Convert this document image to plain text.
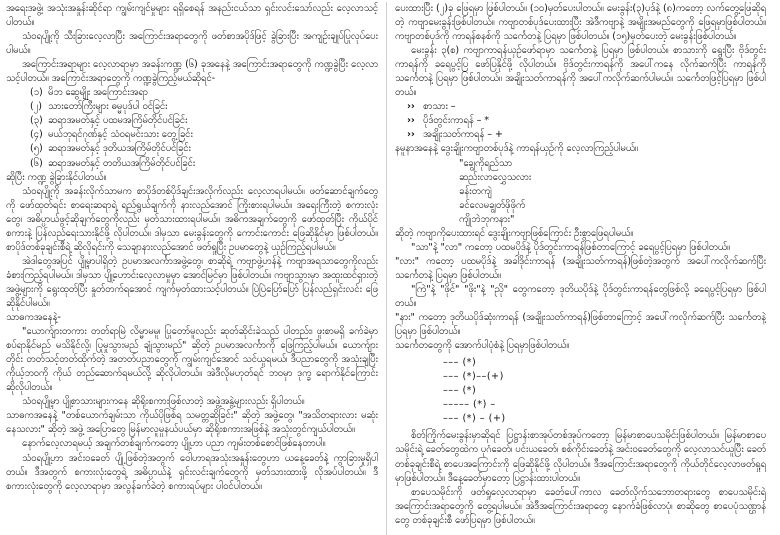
အရေးအဖွဲ့၊ အသုံးအနှုန်းဆိုင်ရာ ကျွမ်းကျင်မှုများ ရရှိစေရန် အနည်းငယ်သာ ရှင်းလင်းသော်လည်း လေ့လာသင့်ပါတယ်။

သံဝရပျို့ကို သီးခြားလေ့လာပြီး အကြောင်းအရာတွေကို ဖတ်စာအပိုဒ်ဖြင့် ခွဲခြားပြီး အကျဉ်းချုပ်ပြုလုပ်ပေးပါမယ်။

အကြောင်းအရာများ လေ့လာရာမှာ အခန်းကဏ္ဍ (၆) ခုအနေနဲ့ အကြောင်းအရာတွေကို ကဏ္ဍခွဲပြီး လေ့လာသင့်ပါတယ်။ အကြောင်းအရာတွေကို ကဏ္ဍခွဲကြည့်မယ်ဆိုရင်-

(၁) မိဘ ဆွေမျိုး အကြောင်းအရာ

(၂) သားတော်ကြီးများ ဓမ္မပုဒ်ပါ ဝင်ခြင်း

(၃) ဆရာအမတ်နှင့် ပထမအကြိမ်တိုင်ပင်ခြင်း

(၄) မယ်ဘုရင်ဂုဏ်နှင့် သံဝရမင်းသား တွေ့ခြင်း

(၅) ဆရာအမတ်နှင့် ဒုတိယအကြိမ်တိုင်ပင်ခြင်း

(၆) ဆရာအမတ်နှင့် တတိယအကြိမ်တိုင်ပင်ခြင်း

ဆိုပြီး ကဏ္ဍ ခွဲခြားနိုင်ပါတယ်။

သံဝရပျို့ကို အခန်းလိုက်သာမက စာပိုဒ်တစ်ပိုဒ်ချင်းအလိုက်လည်း လေ့လာရပါမယ်။ ဖတ်ဆောင်ချက်တွေကို ဖော်ထုတ်ရင်း စာရေးဆရာရဲ့ ရည်ရွယ်ချက်ကို နားလည်အောင် ကြိုးစားရပါမယ်။ အရေးကြီးတဲ့ စကားလုံးတွေ၊ အဓိပ္ပာယ်ဖွင့်ဆိုချက်တွေကိုလည်း မှတ်သားထားရပါမယ်။ အဓိကအချက်တွေကို ဖော်ထုတ်ပြီး ကိုယ်ပိုင်စကားနဲ့ ပြန်လည်ရေးသားနိုင်ဖို့ လိုပါတယ်။ ဒါမှသာ မေးခွန်းတွေကို ကောင်းကောင်း ဖြေဆိုနိုင်မှာ ဖြစ်ပါတယ်။ စာပိုဒ်တစ်ခုချင်းစီရဲ့ ဆိုလိုရင်းကို သေချာနားလည်အောင် ဖတ်ရှုပြီး ဥပမာတွေနဲ့ ယှဉ်ကြည့်ရပါမယ်။

အဲဒါတွေအပြင် ပျို့မှာပါရှိတဲ့ ဥပမာအလင်္ကာအဖွဲ့တွေ၊ စာဆိုရဲ့ ကဗျာဖွဲ့ဟန်နဲ့ ကဗျာအရသာတွေကိုလည်း ခံစားကြည့်ရပါမယ်။ ဒါမှသာ ပျို့ဟောင်းလေ့လာမှုမှာ အောင်မြင်မှာ ဖြစ်ပါတယ်။ ကဗျာသွားမှာ အထူးထင်ရှားတဲ့ အဖွဲ့များကို ရွေးထုတ်ပြီး နှုတ်တက်ရအောင် ကျက်မှတ်ထားသင့်ပါတယ်။ ပြဲပြဲပြော်ပြော် ပြန်လည်ရှင်းလင်း ဖြေဆိုနိုင်ပါမယ်။

သာဓကအနေနဲ့-

"ယောက်ျားတကား တတ်ရာမြဲ လိမ္မာမမူ၊ ပြုတော်မူလည်း ဆုတ်ဆိုင်းခဲသည် ပါတည်း၊ ဖူးစာမရှိ ခက်ခဲမှာ စပ်ရာနိုင်မည် မသိနိုင်လို့၊ ပြုမှုသွားမည် ချုံသွားမည်" ဆိုတဲ့ ဥပမာအလင်္ကာကို ဖြေကြည့်ပါမယ်။ ယောက်ျားတိုင်း တတ်သင့်တတ်ထိုက်တဲ့ အတတ်ပညာတွေကို ကျွမ်းကျင်အောင် သင်ယူရမယ်၊ ဒီပညာတွေကို အသုံးချပြီး ကိုယ့်ဘဝကို ကိုယ် တည်ဆောက်ရမယ်လို့ ဆိုလိုပါတယ်။ အဲဒီလိုမဟုတ်ရင် ဘဝမှာ ဒုက္ခ ရောက်နိုင်ကြောင်း ဆိုလိုပါတယ်။

သံဝရပျို့မှာ ပျို့စာသားများကနေ ဆိုရိုးစကားဖြစ်လာတဲ့ အဖွဲ့အနွဲ့များလည်း ရှိပါတယ်။

သာဓကအနေနဲ့ "တစ်ယောက်ချမ်းသာ ကိုယ်ပိုဖြစ်ရ သမတ္တဆိုခြင်း" ဆိုတဲ့ အဖွဲ့တွေ၊ "အသိတရားလား မဆုံးနေသလား" ဆိုတဲ့ အဖွဲ့ အပြောတွေ မြန်မာလူမှုနယ်ပယ်မှာ ဆိုရိုးစကားအဖြစ်နဲ့ အသုံးတွင်ကျယ်ပါတယ်။

နောက်လေ့လာရမယ့် အချက်တစ်ချက်ကတော့ ပျို့ဟာ ပညာ ကျမ်းတစ်စောင်ဖြစ်နေတာပါ။

သံဝရပျို့ဟာ အင်းဝခေတ် ပျို့ဖြစ်တဲ့အတွက် ဝေါဟာရအသုံးအနှုန်းတွေဟာ ယနေ့ခေတ်နဲ့ ကွာခြားမှုရှိပါတယ်။ ဒီအတွက် စကားလုံးတွေရဲ့ အဓိပ္ပာယ်နဲ့ ရှင်းလင်းချက်တွေကို မှတ်သားထားဖို့ လိုအပ်ပါတယ်။ ဒီစကားလုံးတွေကို လေ့လာရာမှာ အလွန်ခက်ခဲတဲ့ စကားရပ်များ ပါဝင်ပါတယ်။

ပေးထားပြီး (၂)ခု ဖြေရမှာ ဖြစ်ပါတယ်။ (၁၀)မှတ်ပေးပါတယ်။ မေးခွန်း(၃)ပုဒ်နဲ့ (၈)ကတော့ လက်တွေ့ဖြေဆိုရတဲ့ ကဗျာမေးခွန်းဖြစ်ပါတယ်။ ကဗျာတစ်ပုဒ်ပေးထားပြီး အဲဒီကဗျာနဲ့ အမျိုးအမည်တွေကို ဖြေရမှာဖြစ်ပါတယ်။ ကဗျာတစ်ပုဒ်ကို ကာရန်စနစ်ကို သင်္ကေတနဲ့ ပြရမှာ ဖြစ်ပါတယ်။ (၁၅)မှတ်ပေးတဲ့ မေးခွန်းဖြစ်ပါတယ်။

မေးခွန်း ၃(စ) ကဗျာကာရန်ယှဉ်ဖော်ရာမှာ သင်္ကေတနဲ့ ပြရမှာ ဖြစ်ပါတယ်။ စာသားကို ရွေးပြီး ဗိုဒ်တွင်းကာရန်ကို ခရေပွင့်ပြ ဖော်ပြနိုင်ဖို့ လိုပါတယ်။ ဗိုဒ်တွင်းကာရန်ကို အပေါ်ကနေ လိုက်ဆက်ပြီး ကာရန်ကို သင်္ကေတနဲ့ ပြရမှာ ဖြစ်ပါတယ်။ အချိုးသတ်ကာရန်ကို အပေါ်ကလိုက်ဆက်ပါမယ်။ သင်္ကေတဖြင့်ပြရမှာ ဖြစ်ပါတယ်။

›› စာသား –

›› ပိုဒ်တွင်းကာရန် – *

›› အချိုးသတ်ကာရန် – +

နမူနာအနေနဲ့ ဒွေးချိုးကဗျာတစ်ပုဒ်နဲ့ ကာရန်ယှဉ်ကို လေ့လာကြည့်ပါမယ်။

"ချွေကိုရည်သာ

ဆည်းလာလွှေသလား

ခန်းတကျဲ

ခင်လေမချွတ်ဖိုဖိုက်

ကျိုဘဲဘုကနား"

ဆိုတဲ့ ကဗျာကိုပေးထားရင် ဒွေးချိုးကဗျာဖြစ်ကြောင်း ဦးစွာဖြေရပါမယ်။

"သာ"နဲ့ "လာ" ကတော့ ပထမပိုဒ်နဲ့ ပိုဒ်တွင်းကာရန်ဖြစ်တာကြောင့် ခရေပွင့်ပြရမှာ ဖြစ်ပါတယ်။

"လား" ကတော့ ပထမပိုဒ်နဲ့ အခါဒိုင်းကာရန် (အချိုးသတ်ကာရန်)ဖြစ်တဲ့အတွက် အပေါ်ကလိုက်ဆက်ပြီး သင်္ကေတနဲ့ ပြရမှာ ဖြစ်ပါတယ်။

"ကြဲ"နဲ့ "ဖိုင်" "ဖိုး"နဲ့ "ညို" တွေကတော့ ဒုတိယပိုဒ်နဲ့ ပိုဒ်တွင်းကာရန်တွေဖြစ်လို့ ခရေပွင့်ပြရမှာ ဖြစ်ပါတယ်။

"နား" ကတော့ ဒုတိယပိုဒ်ဆုံးကာရန် (အချိုးသတ်ကာရန်)ဖြစ်တာကြောင့် အပေါ်ကလိုက်ဆက်ပြီး သင်္ကေတနဲ့ ပြရမှာ ဖြစ်ပါတယ်။

သင်္ကေတတွေကို အောက်ပါပုံစံနဲ့ ပြရမှာဖြစ်ပါတယ်။

––– (*)

––– (*)––(+)

––– (*)

––––– (*) –

––– (*) – (+)

စိတ်ကြိုက်မေးခွန်းမှာဆိုရင် ပြဋ္ဌာန်းစာအုပ်တစ်အုပ်ကတော့ မြန်မာစာပေသမိုင်းဖြစ်ပါတယ်။ မြန်မာစာပေသမိုင်းရဲ့ ခေတ်တွေထဲက ပုဂံခေတ်၊ ပင်းယခေတ်၊ စစ်ကိုင်းခေတ်နဲ့ အင်းဝခေတ်တွေကို လေ့လာသင်ယူပြီး ခေတ်တစ်ခုချင်းစီရဲ့ စာပေအကြောင်းကို ဖြေဆိုနိုင်ဖို့ လိုပါတယ်။ ဒီအကြောင်းအရာတွေကို ကိုယ်တိုင်လေ့လာဖတ်ရှုရမှာဖြစ်ပါတယ်။ ဒီနေ့ခေတ်မှာတော့ ပြဋ္ဌာန်းထားပါတယ်။

စာပေသမိုင်းကို ဖတ်ရှုလေ့လာရာမှာ ခေတ်ပေါ်ကာလ ခေတ်လိုက်သဘောတရားတွေ စာပေသမိုင်းရဲ့ အကြောင်းအရာတွေကို တွေ့ရပါမယ်။ အဲဒီအကြောင်းအရာတွေ နောက်ခံဖြစ်လာပုံ၊ စာဆိုတွေ စာပေပုံသဏ္ဌာန်တွေ တစ်ခုချင်းစီ ဖော်ပြရမှာ ဖြစ်ပါတယ်။
